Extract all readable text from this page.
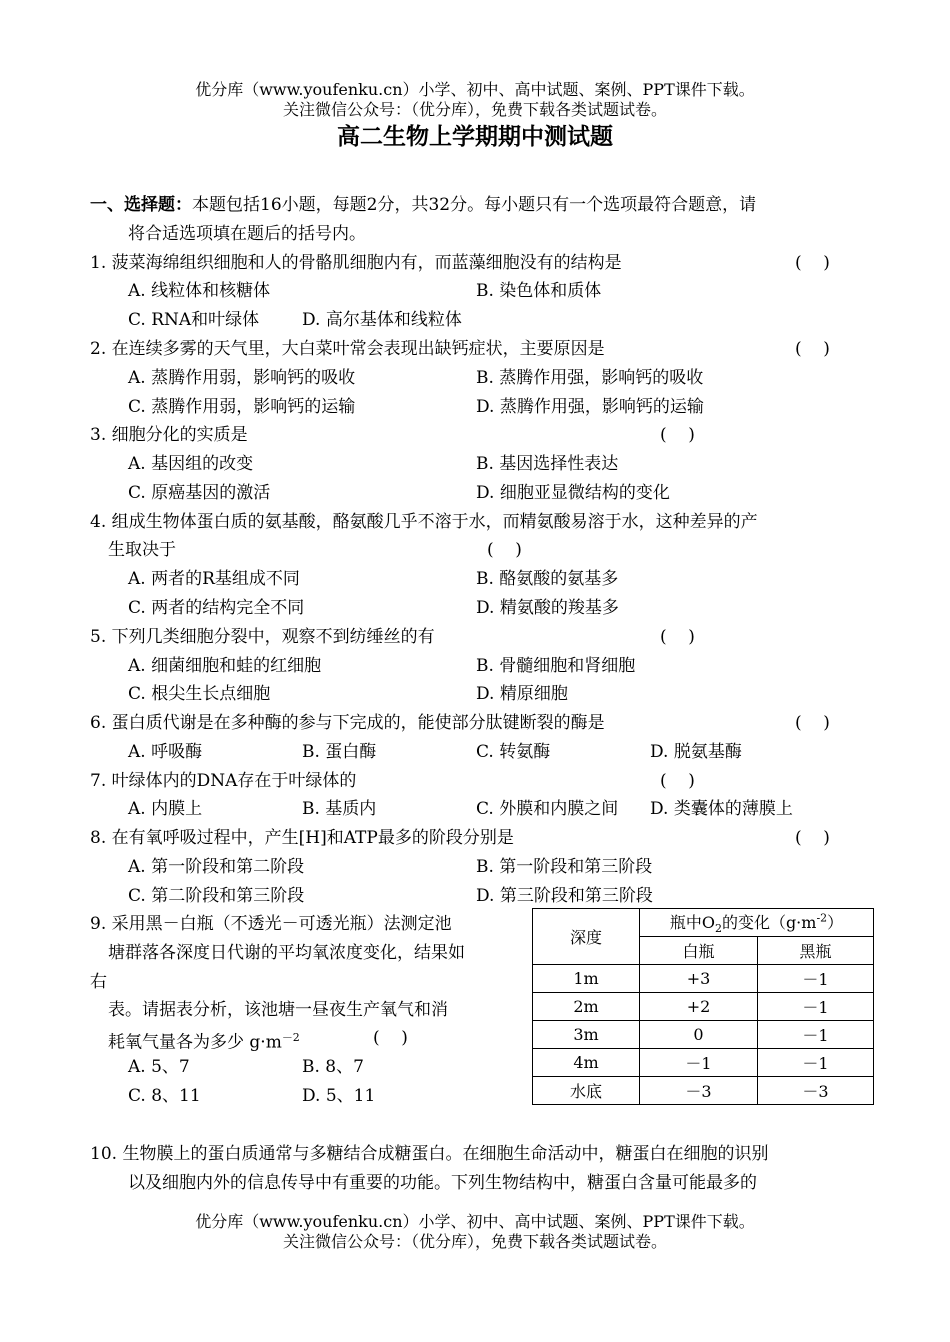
优分库（www.youfenku.cn）小学、初中、高中试题、案例、PPT课件下载。
关注微信公众号：（优分库），免费下载各类试题试卷。
高二生物上学期期中测试题
一、选择题：本题包括16小题，每题2分，共32分。每小题只有一个选项最符合题意，请
将合适选项填在题后的括号内。
1. 菠菜海绵组织细胞和人的骨骼肌细胞内有，而蓝藻细胞没有的结构是	(    )
A. 线粒体和核糖体	B. 染色体和质体
C. RNA和叶绿体	D. 高尔基体和线粒体
2. 在连续多雾的天气里，大白菜叶常会表现出缺钙症状，主要原因是	(    )
A. 蒸腾作用弱，影响钙的吸收	B. 蒸腾作用强，影响钙的吸收
C. 蒸腾作用弱，影响钙的运输	D. 蒸腾作用强，影响钙的运输
3. 细胞分化的实质是	(    )
A. 基因组的改变	B. 基因选择性表达
C. 原癌基因的激活	D. 细胞亚显微结构的变化
4. 组成生物体蛋白质的氨基酸，酪氨酸几乎不溶于水，而精氨酸易溶于水，这种差异的产
生取决于	(    )
A. 两者的R基组成不同	B. 酪氨酸的氨基多
C. 两者的结构完全不同	D. 精氨酸的羧基多
5. 下列几类细胞分裂中，观察不到纺缍丝的有	(    )
A. 细菌细胞和蛙的红细胞	B. 骨髓细胞和肾细胞
C. 根尖生长点细胞	D. 精原细胞
6. 蛋白质代谢是在多种酶的参与下完成的，能使部分肽键断裂的酶是	(    )
A. 呼吸酶	B. 蛋白酶	C. 转氨酶	D. 脱氨基酶
7. 叶绿体内的DNA存在于叶绿体的	(    )
A. 内膜上	B. 基质内	C. 外膜和内膜之间 D. 类囊体的薄膜上
8. 在有氧呼吸过程中，产生[H]和ATP最多的阶段分别是	(    )
A. 第一阶段和第二阶段	B. 第一阶段和第三阶段
C. 第二阶段和第三阶段	D. 第三阶段和第三阶段
9. 采用黑－白瓶（不透光－可透光瓶）法测定池
塘群落各深度日代谢的平均氧浓度变化，结果如
右
表。请据表分析，该池塘一昼夜生产氧气和消
耗氧气量各为多少 $g\cdot m^{-2}$	(    )
A. 5、7	B. 8、7
C. 8、11	D. 5、11
深度	瓶中$O_2$的变化$(g\cdot m^{-2})$	
	白瓶	黑瓶
1m	+3	－1
2m	+2	－1
3m	0	－1
4m	－1	－1
水底	－3	－3
10. 生物膜上的蛋白质通常与多糖结合成糖蛋白。在细胞生命活动中，糖蛋白在细胞的识别
以及细胞内外的信息传导中有重要的功能。下列生物结构中，糖蛋白含量可能最多的
优分库（www.youfenku.cn）小学、初中、高中试题、案例、PPT课件下载。
关注微信公众号：（优分库），免费下载各类试题试卷。
